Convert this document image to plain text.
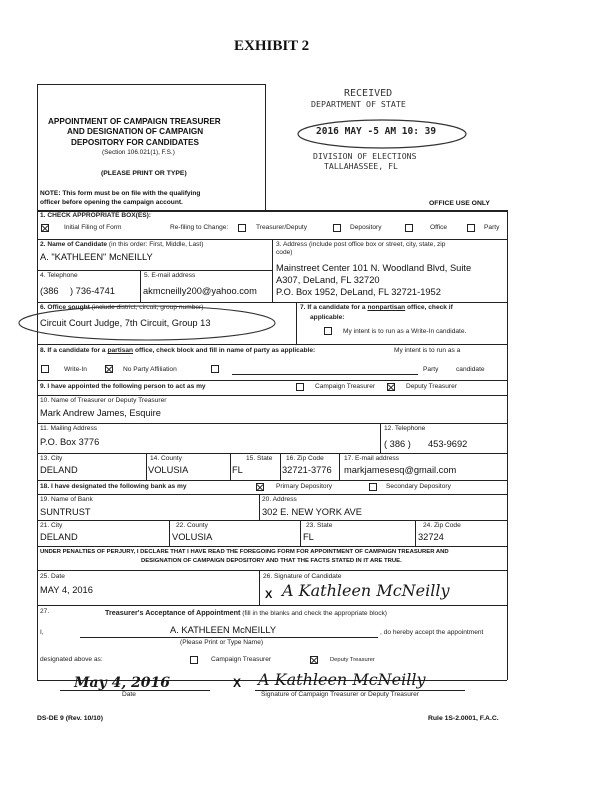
EXHIBIT 2
APPOINTMENT OF CAMPAIGN TREASURER
AND DESIGNATION OF CAMPAIGN
DEPOSITORY FOR CANDIDATES
(Section 106.021(1), F.S.)
(PLEASE PRINT OR TYPE)
NOTE: This form must be on file with the qualifying
officer before opening the campaign account.
RECEIVED
DEPARTMENT OF STATE
2016 MAY -5 AM 10: 39
DIVISION OF ELECTIONS
TALLAHASSEE, FL
OFFICE USE ONLY
1. CHECK APPROPRIATE BOX(ES):
Initial Filing of Form	Re-filing to Change:	Treasurer/Deputy	Depository	Office	Party
2. Name of Candidate (in this order: First, Middle, Last)
A. "KATHLEEN" McNEILLY
3. Address (include post office box or street, city, state, zip
code)
Mainstreet Center 101 N. Woodland Blvd, Suite
A307, DeLand, FL 32720
P.O. Box 1952, DeLand, FL 32721-1952
4. Telephone
(386 ) 736-4741
5. E-mail address
akmcneilly200@yahoo.com
6. Office sought (include district, circuit, group number)
Circuit Court Judge, 7th Circuit, Group 13
7. If a candidate for a nonpartisan office, check if
applicable:
My intent is to run as a Write-In candidate.
8. If a candidate for a partisan office, check block and fill in name of party as applicable:	My intent is to run as a
Write-In	No Party Affiliation	Party	candidate
9. I have appointed the following person to act as my	Campaign Treasurer	Deputy Treasurer
10. Name of Treasurer or Deputy Treasurer
Mark Andrew James, Esquire
11. Mailing Address
P.O. Box 3776
12. Telephone
( 386 ) 453-9692
13. City
DELAND
14. County
VOLUSIA
15. State
FL
16. Zip Code
32721-3776
17. E-mail address
markjamesesq@gmail.com
18. I have designated the following bank as my	Primary Depository	Secondary Depository
19. Name of Bank
SUNTRUST
20. Address
302 E. NEW YORK AVE
21. City
DELAND
22. County
VOLUSIA
23. State
FL
24. Zip Code
32724
UNDER PENALTIES OF PERJURY, I DECLARE THAT I HAVE READ THE FOREGOING FORM FOR APPOINTMENT OF CAMPAIGN TREASURER AND
DESIGNATION OF CAMPAIGN DEPOSITORY AND THAT THE FACTS STATED IN IT ARE TRUE.
25. Date
MAY 4, 2016
26. Signature of Candidate
X A Kathleen McNeilly
27.	Treasurer's Acceptance of Appointment (fill in the blanks and check the appropriate block)
I,	A. KATHLEEN McNEILLY	, do hereby accept the appointment
(Please Print or Type Name)
designated above as:	Campaign Treasurer	Deputy Treasurer
May 4, 2016
Date
X A Kathleen McNeilly
Signature of Campaign Treasurer or Deputy Treasurer
DS-DE 9 (Rev. 10/10)	Rule 1S-2.0001, F.A.C.
